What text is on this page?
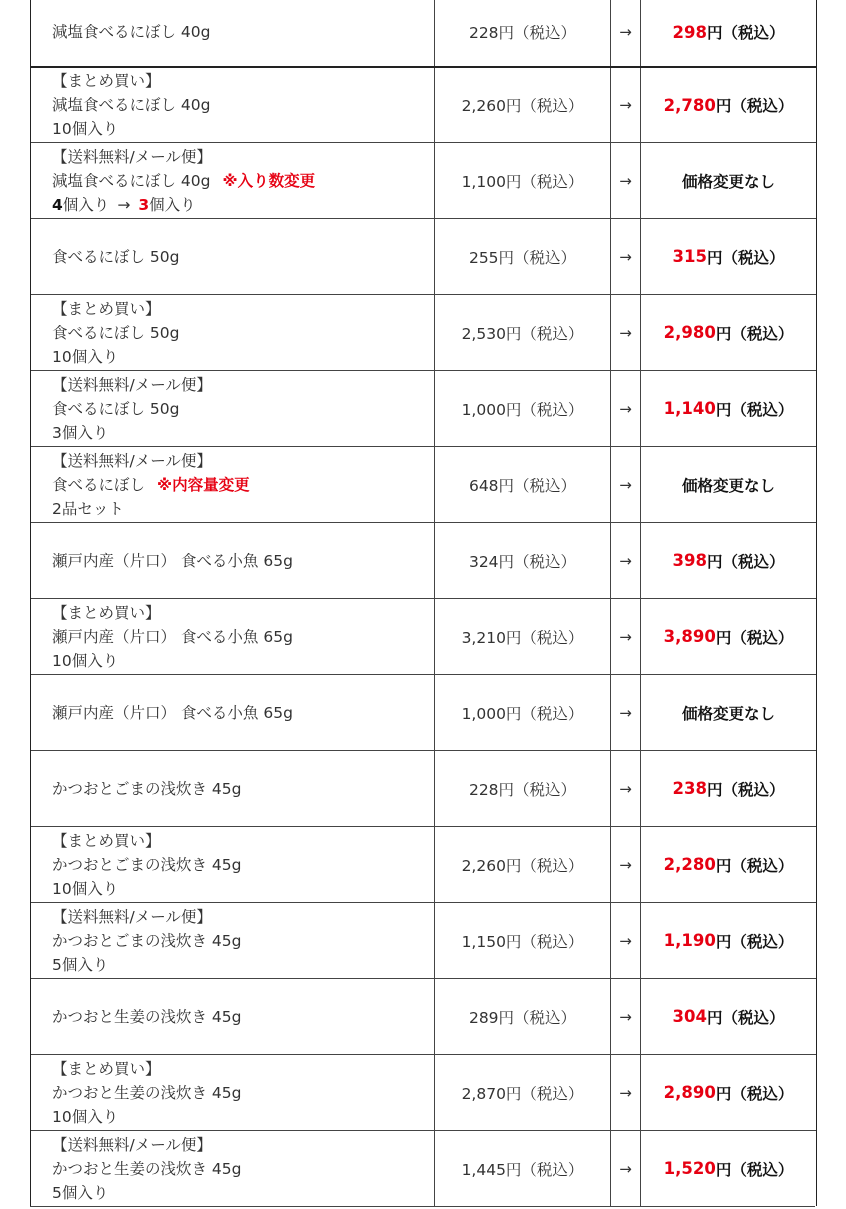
減塩食べるにぼし 40g	228円（税込）	→	298 円（税込）
【まとめ買い】
減塩食べるにぼし 40g
10個入り
2,260円（税込）	→	2,780 円（税込）
【送料無料/メール便】
減塩食べるにぼし 40g ※入り数変更
4個入り → 3個入り
1,100円（税込）	→	価格変更なし
食べるにぼし 50g	255円（税込）	→	315 円（税込）
【まとめ買い】
食べるにぼし 50g
10個入り
2,530円（税込）	→	2,980 円（税込）
【送料無料/メール便】
食べるにぼし 50g
3個入り
1,000円（税込）	→	1,140 円（税込）
【送料無料/メール便】
食べるにぼし ※内容量変更
2品セット
648円（税込）	→	価格変更なし
瀬戸内産（片口） 食べる小魚 65g	324円（税込）	→	398 円（税込）
【まとめ買い】
瀬戸内産（片口） 食べる小魚 65g
10個入り
3,210円（税込）	→	3,890 円（税込）
瀬戸内産（片口） 食べる小魚 65g	1,000円（税込）	→	価格変更なし
かつおとごまの浅炊き 45g	228円（税込）	→	238 円（税込）
【まとめ買い】
かつおとごまの浅炊き 45g
10個入り
2,260円（税込）	→	2,280 円（税込）
【送料無料/メール便】
かつおとごまの浅炊き 45g
5個入り
1,150円（税込）	→	1,190 円（税込）
かつおと生姜の浅炊き 45g	289円（税込）	→	304 円（税込）
【まとめ買い】
かつおと生姜の浅炊き 45g
10個入り
2,870円（税込）	→	2,890 円（税込）
【送料無料/メール便】
かつおと生姜の浅炊き 45g
5個入り
1,445円（税込）	→	1,520 円（税込）
